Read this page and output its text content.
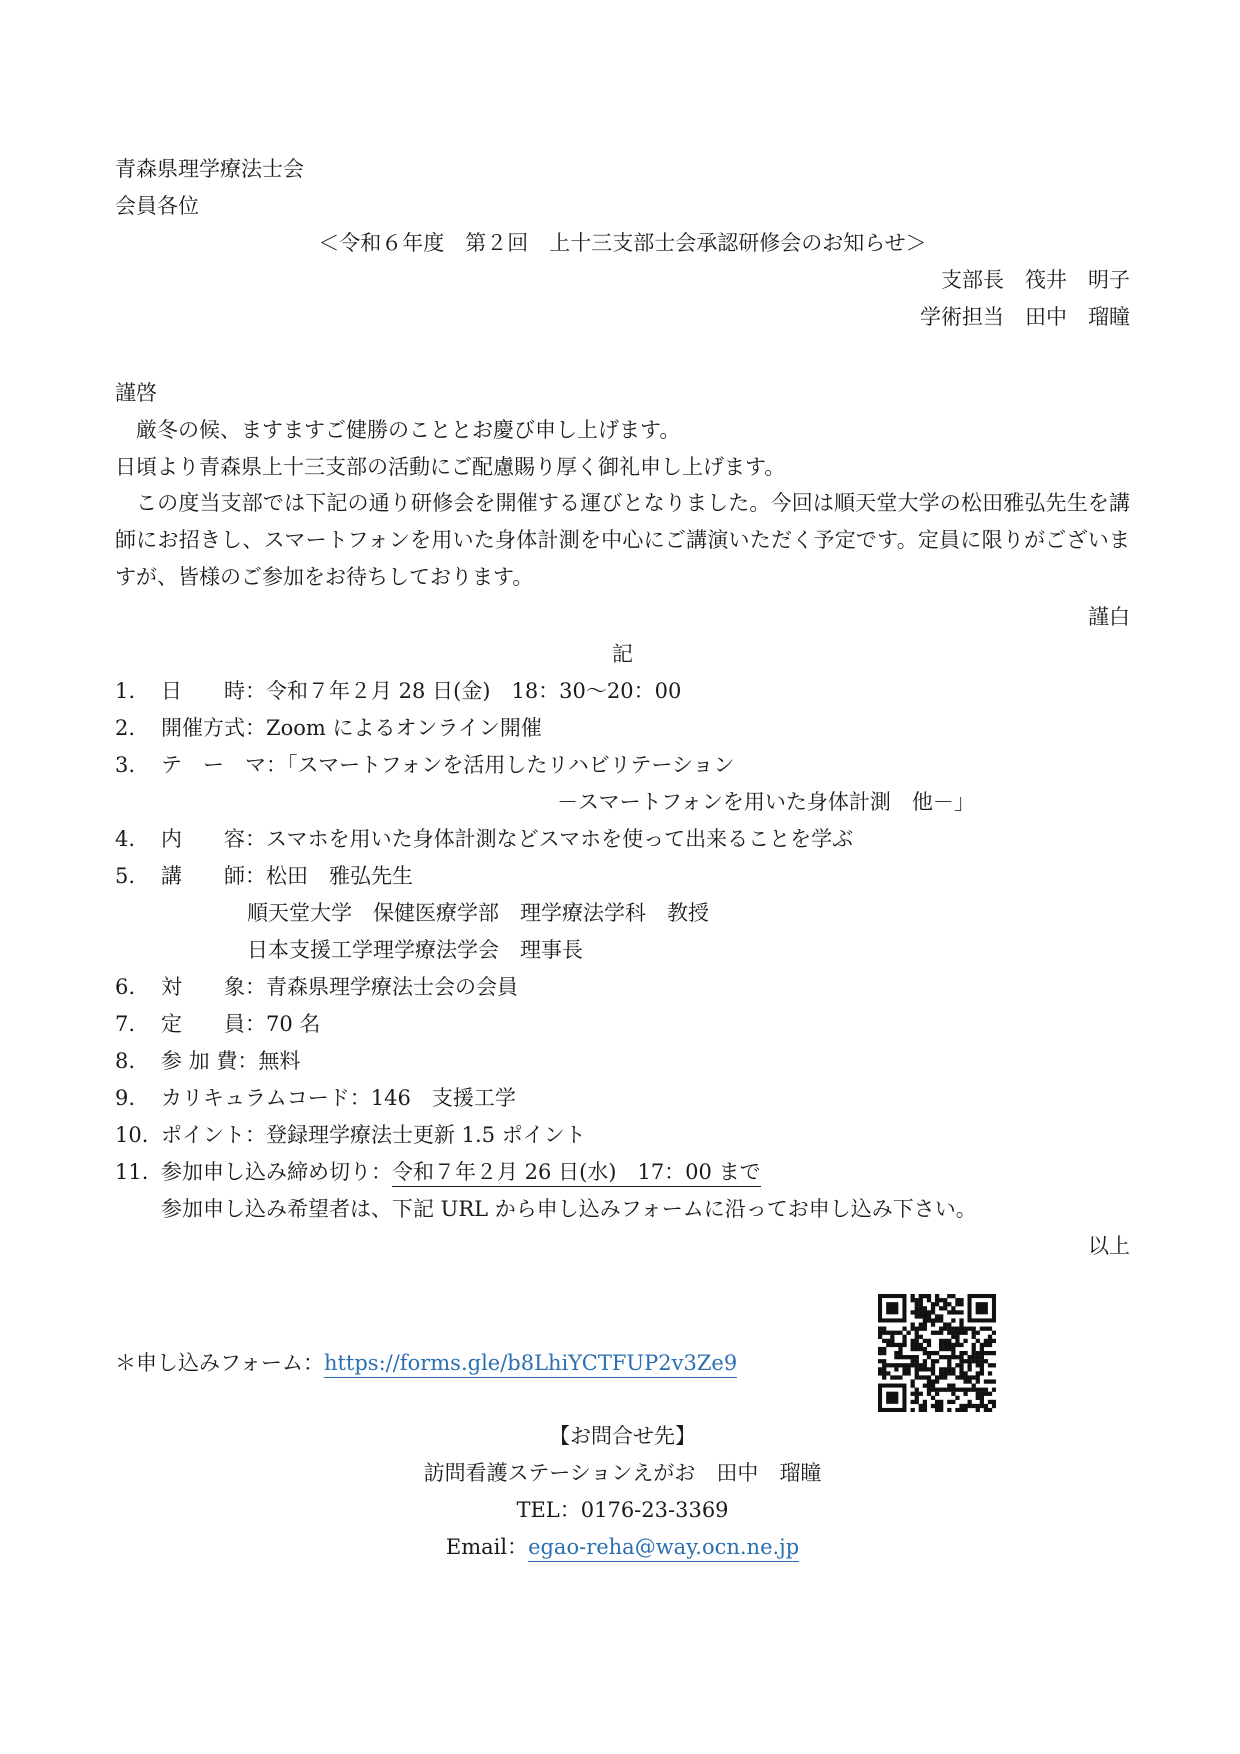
青森県理学療法士会
会員各位
＜令和６年度　第２回　上十三支部士会承認研修会のお知らせ＞
支部長　筏井　明子
学術担当　田中　瑠瞳
謹啓
厳冬の候、ますますご健勝のこととお慶び申し上げます。
日頃より青森県上十三支部の活動にご配慮賜り厚く御礼申し上げます。
この度当支部では下記の通り研修会を開催する運びとなりました。今回は順天堂大学の松田雅弘先生を講師にお招きし、スマートフォンを用いた身体計測を中心にご講演いただく予定です。定員に限りがございますが、皆様のご参加をお待ちしております。
謹白
記
1. 日　　時：令和７年２月 28 日(金)　18：30～20：00
2. 開催方式：Zoom によるオンライン開催
3. テ　ー　マ：｢スマートフォンを活用したリハビリテーション
－スマートフォンを用いた身体計測　他－｣
4. 内　　容：スマホを用いた身体計測などスマホを使って出来ることを学ぶ
5. 講　　師：松田　雅弘先生
順天堂大学　保健医療学部　理学療法学科　教授
日本支援工学理学療法学会　理事長
6. 対　　象：青森県理学療法士会の会員
7. 定　　員：70 名
8. 参 加 費：無料
9. カリキュラムコード：146　支援工学
10. ポイント：登録理学療法士更新 1.5 ポイント
11. 参加申し込み締め切り：令和７年２月 26 日(水)　17：00 まで
参加申し込み希望者は、下記 URL から申し込みフォームに沿ってお申し込み下さい。
以上
＊申し込みフォーム：https://forms.gle/b8LhiYCTFUP2v3Ze9
【お問合せ先】
訪問看護ステーションえがお　田中　瑠瞳
TEL：0176-23-3369
Email：egao-reha@way.ocn.ne.jp
